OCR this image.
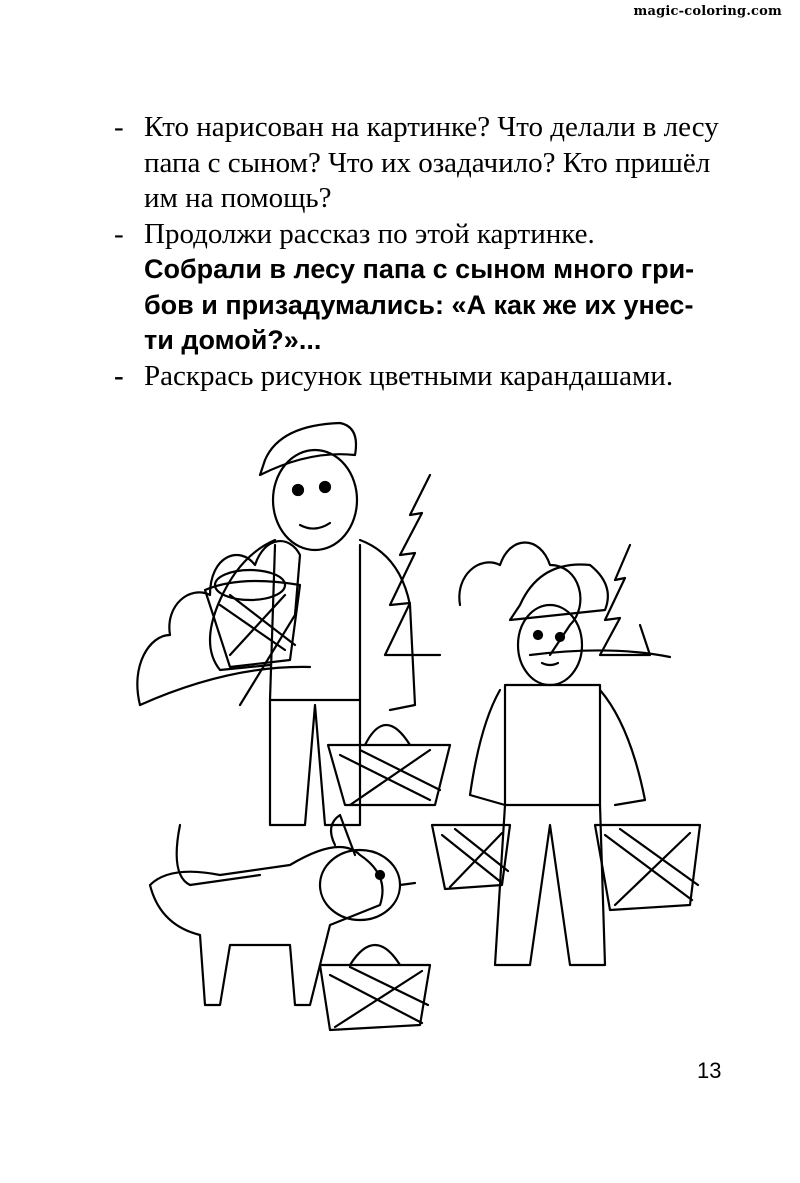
magic-coloring.com
- Кто нарисован на картинке? Что делали в лесу
папа с сыном? Что их озадачило? Кто пришёл
им на помощь?
- Продолжи рассказ по этой картинке.
Собрали в лесу папа с сыном много гри-
бов и призадумались: «А как же их унес-
ти домой?»...
- Раскрась рисунок цветными карандашами.
13
